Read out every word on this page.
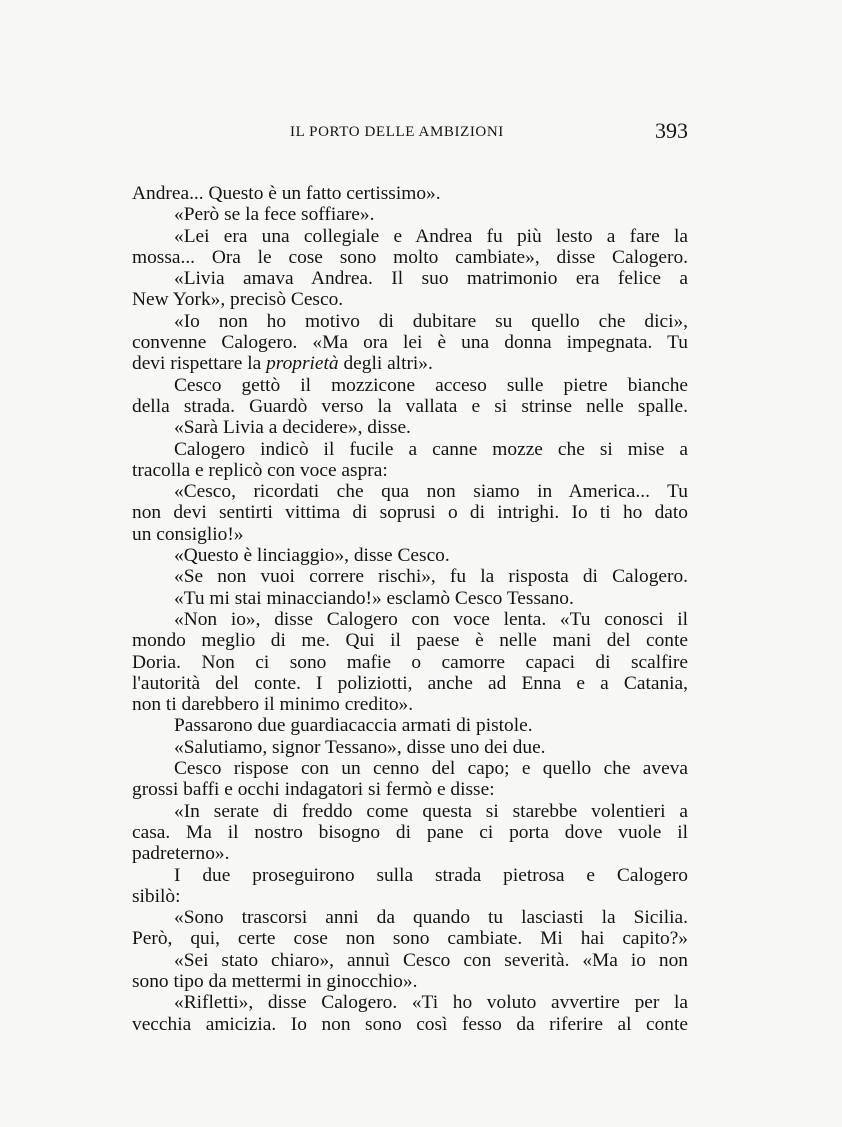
IL PORTO DELLE AMBIZIONI	393
Andrea... Questo è un fatto certissimo».
«Però se la fece soffiare».
«Lei era una collegiale e Andrea fu più lesto a fare la
mossa... Ora le cose sono molto cambiate», disse Calogero.
«Livia amava Andrea. Il suo matrimonio era felice a
New York», precisò Cesco.
«Io non ho motivo di dubitare su quello che dici»,
convenne Calogero. «Ma ora lei è una donna impegnata. Tu
devi rispettare la proprietà degli altri».
Cesco gettò il mozzicone acceso sulle pietre bianche
della strada. Guardò verso la vallata e si strinse nelle spalle.
«Sarà Livia a decidere», disse.
Calogero indicò il fucile a canne mozze che si mise a
tracolla e replicò con voce aspra:
«Cesco, ricordati che qua non siamo in America... Tu
non devi sentirti vittima di soprusi o di intrighi. Io ti ho dato
un consiglio!»
«Questo è linciaggio», disse Cesco.
«Se non vuoi correre rischi», fu la risposta di Calogero.
«Tu mi stai minacciando!» esclamò Cesco Tessano.
«Non io», disse Calogero con voce lenta. «Tu conosci il
mondo meglio di me. Qui il paese è nelle mani del conte
Doria. Non ci sono mafie o camorre capaci di scalfire
l'autorità del conte. I poliziotti, anche ad Enna e a Catania,
non ti darebbero il minimo credito».
Passarono due guardiacaccia armati di pistole.
«Salutiamo, signor Tessano», disse uno dei due.
Cesco rispose con un cenno del capo; e quello che aveva
grossi baffi e occhi indagatori si fermò e disse:
«In serate di freddo come questa si starebbe volentieri a
casa. Ma il nostro bisogno di pane ci porta dove vuole il
padreterno».
I due proseguirono sulla strada pietrosa e Calogero
sibilò:
«Sono trascorsi anni da quando tu lasciasti la Sicilia.
Però, qui, certe cose non sono cambiate. Mi hai capito?»
«Sei stato chiaro», annuì Cesco con severità. «Ma io non
sono tipo da mettermi in ginocchio».
«Rifletti», disse Calogero. «Ti ho voluto avvertire per la
vecchia amicizia. Io non sono così fesso da riferire al conte
